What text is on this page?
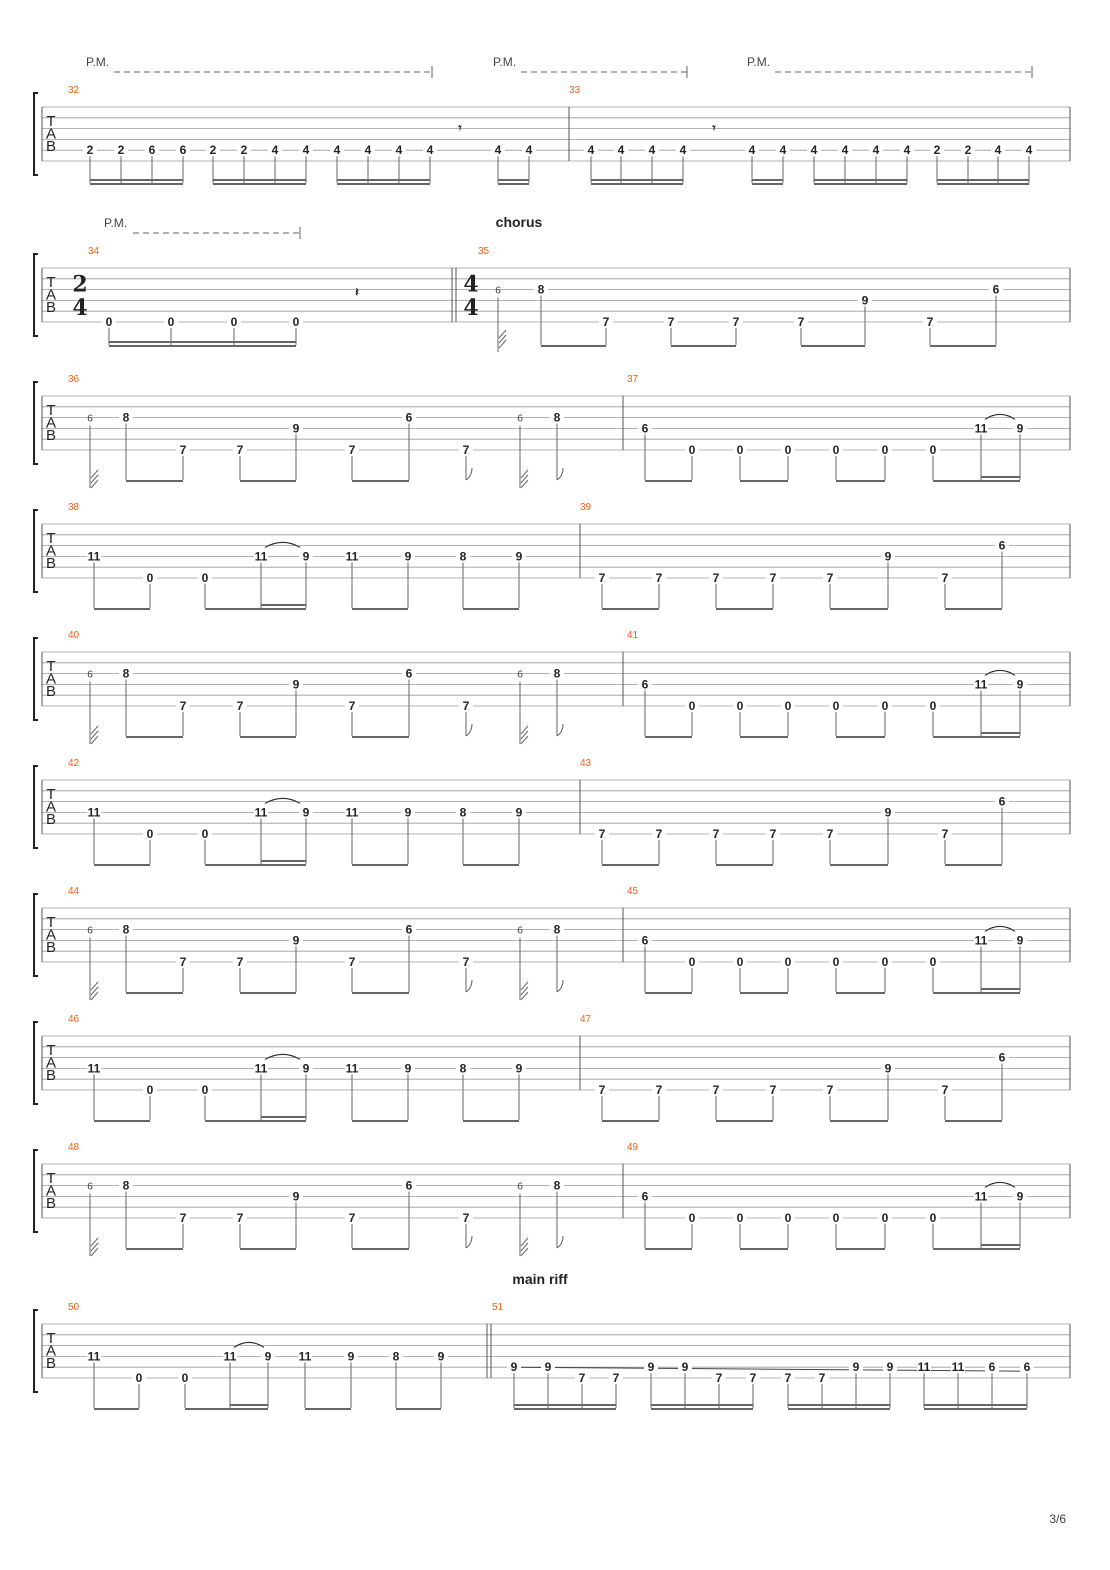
T
A
B
32	33
P.M.	P.M.	P.M.
2 2 6 6 2 2 4 4 4 4 4 4	4 4	4 4 4 4	4 4 4 4 4 4 2 2 4 4
𝄾	𝄾
T
A
B
34	35
P.M.	chorus
2
4
4
4
0	0	0	0
𝄽	6	8
7	7	7	7
9
7
6
T
A
B
36	37
6 8
7	7
9
7
6
7
6	8
6
0	0	0	0	0	0
11 9
T
A
B
38	39
11
0	0
11	9	11	9	8	9
7	7	7	7	7
9
7
6
T
A
B
40	41
6 8
7	7
9
7
6
7
6	8
6
0	0	0	0	0	0
11 9
T
A
B
42	43
11
0	0
11	9	11	9	8	9
7	7	7	7	7
9
7
6
T
A
B
44	45
6 8
7	7
9
7
6
7
6	8
6
0	0	0	0	0	0
11 9
T
A
B
46	47
11
0	0
11	9	11	9	8	9
7	7	7	7	7
9
7
6
T
A
B
48	49
6 8
7	7
9
7
6
7
6	8
6
0	0	0	0	0	0
11 9
T
A
B
50	51
main riff
11
0	0
11 9 11	9	8	9
9 9
7 7
9 9
7 7 7 7
9 9 11 11 6 6
3/6
